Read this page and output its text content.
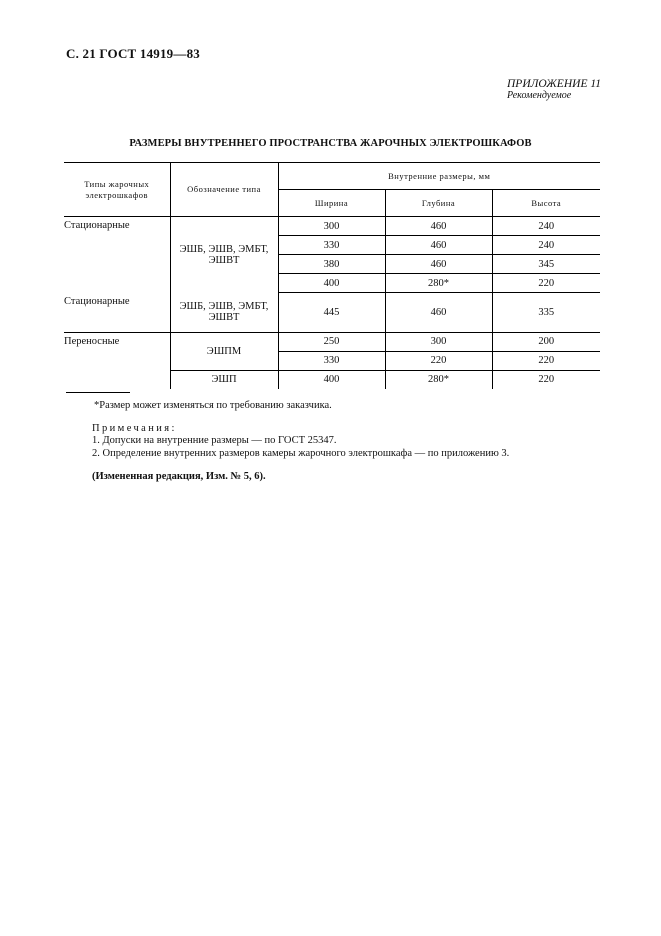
С. 21 ГОСТ 14919—83
ПРИЛОЖЕНИЕ 11
Рекомендуемое
РАЗМЕРЫ ВНУТРЕННЕГО ПРОСТРАНСТВА ЖАРОЧНЫХ ЭЛЕКТРОШКАФОВ
Типы жарочных электрошкафов	Обозначение типа	Внутренние размеры, мм		
		Ширина	Глубина	Высота
Стационарные	ЭШБ, ЭШВ, ЭМБТ, ЭШВТ	300	460	240
		330	460	240
		380	460	345
		400	280*	220
Стационарные	ЭШБ, ЭШВ, ЭМБТ, ЭШВТ	445	460	335
Переносные	ЭШПМ	250	300	200
		330	220	220
	ЭШП	400	280*	220
*Размер может изменяться по требованию заказчика.
Примечания:
1. Допуски на внутренние размеры — по ГОСТ 25347.
2. Определение внутренних размеров камеры жарочного электрошкафа — по приложению 3.
(Измененная редакция, Изм. № 5, 6).
